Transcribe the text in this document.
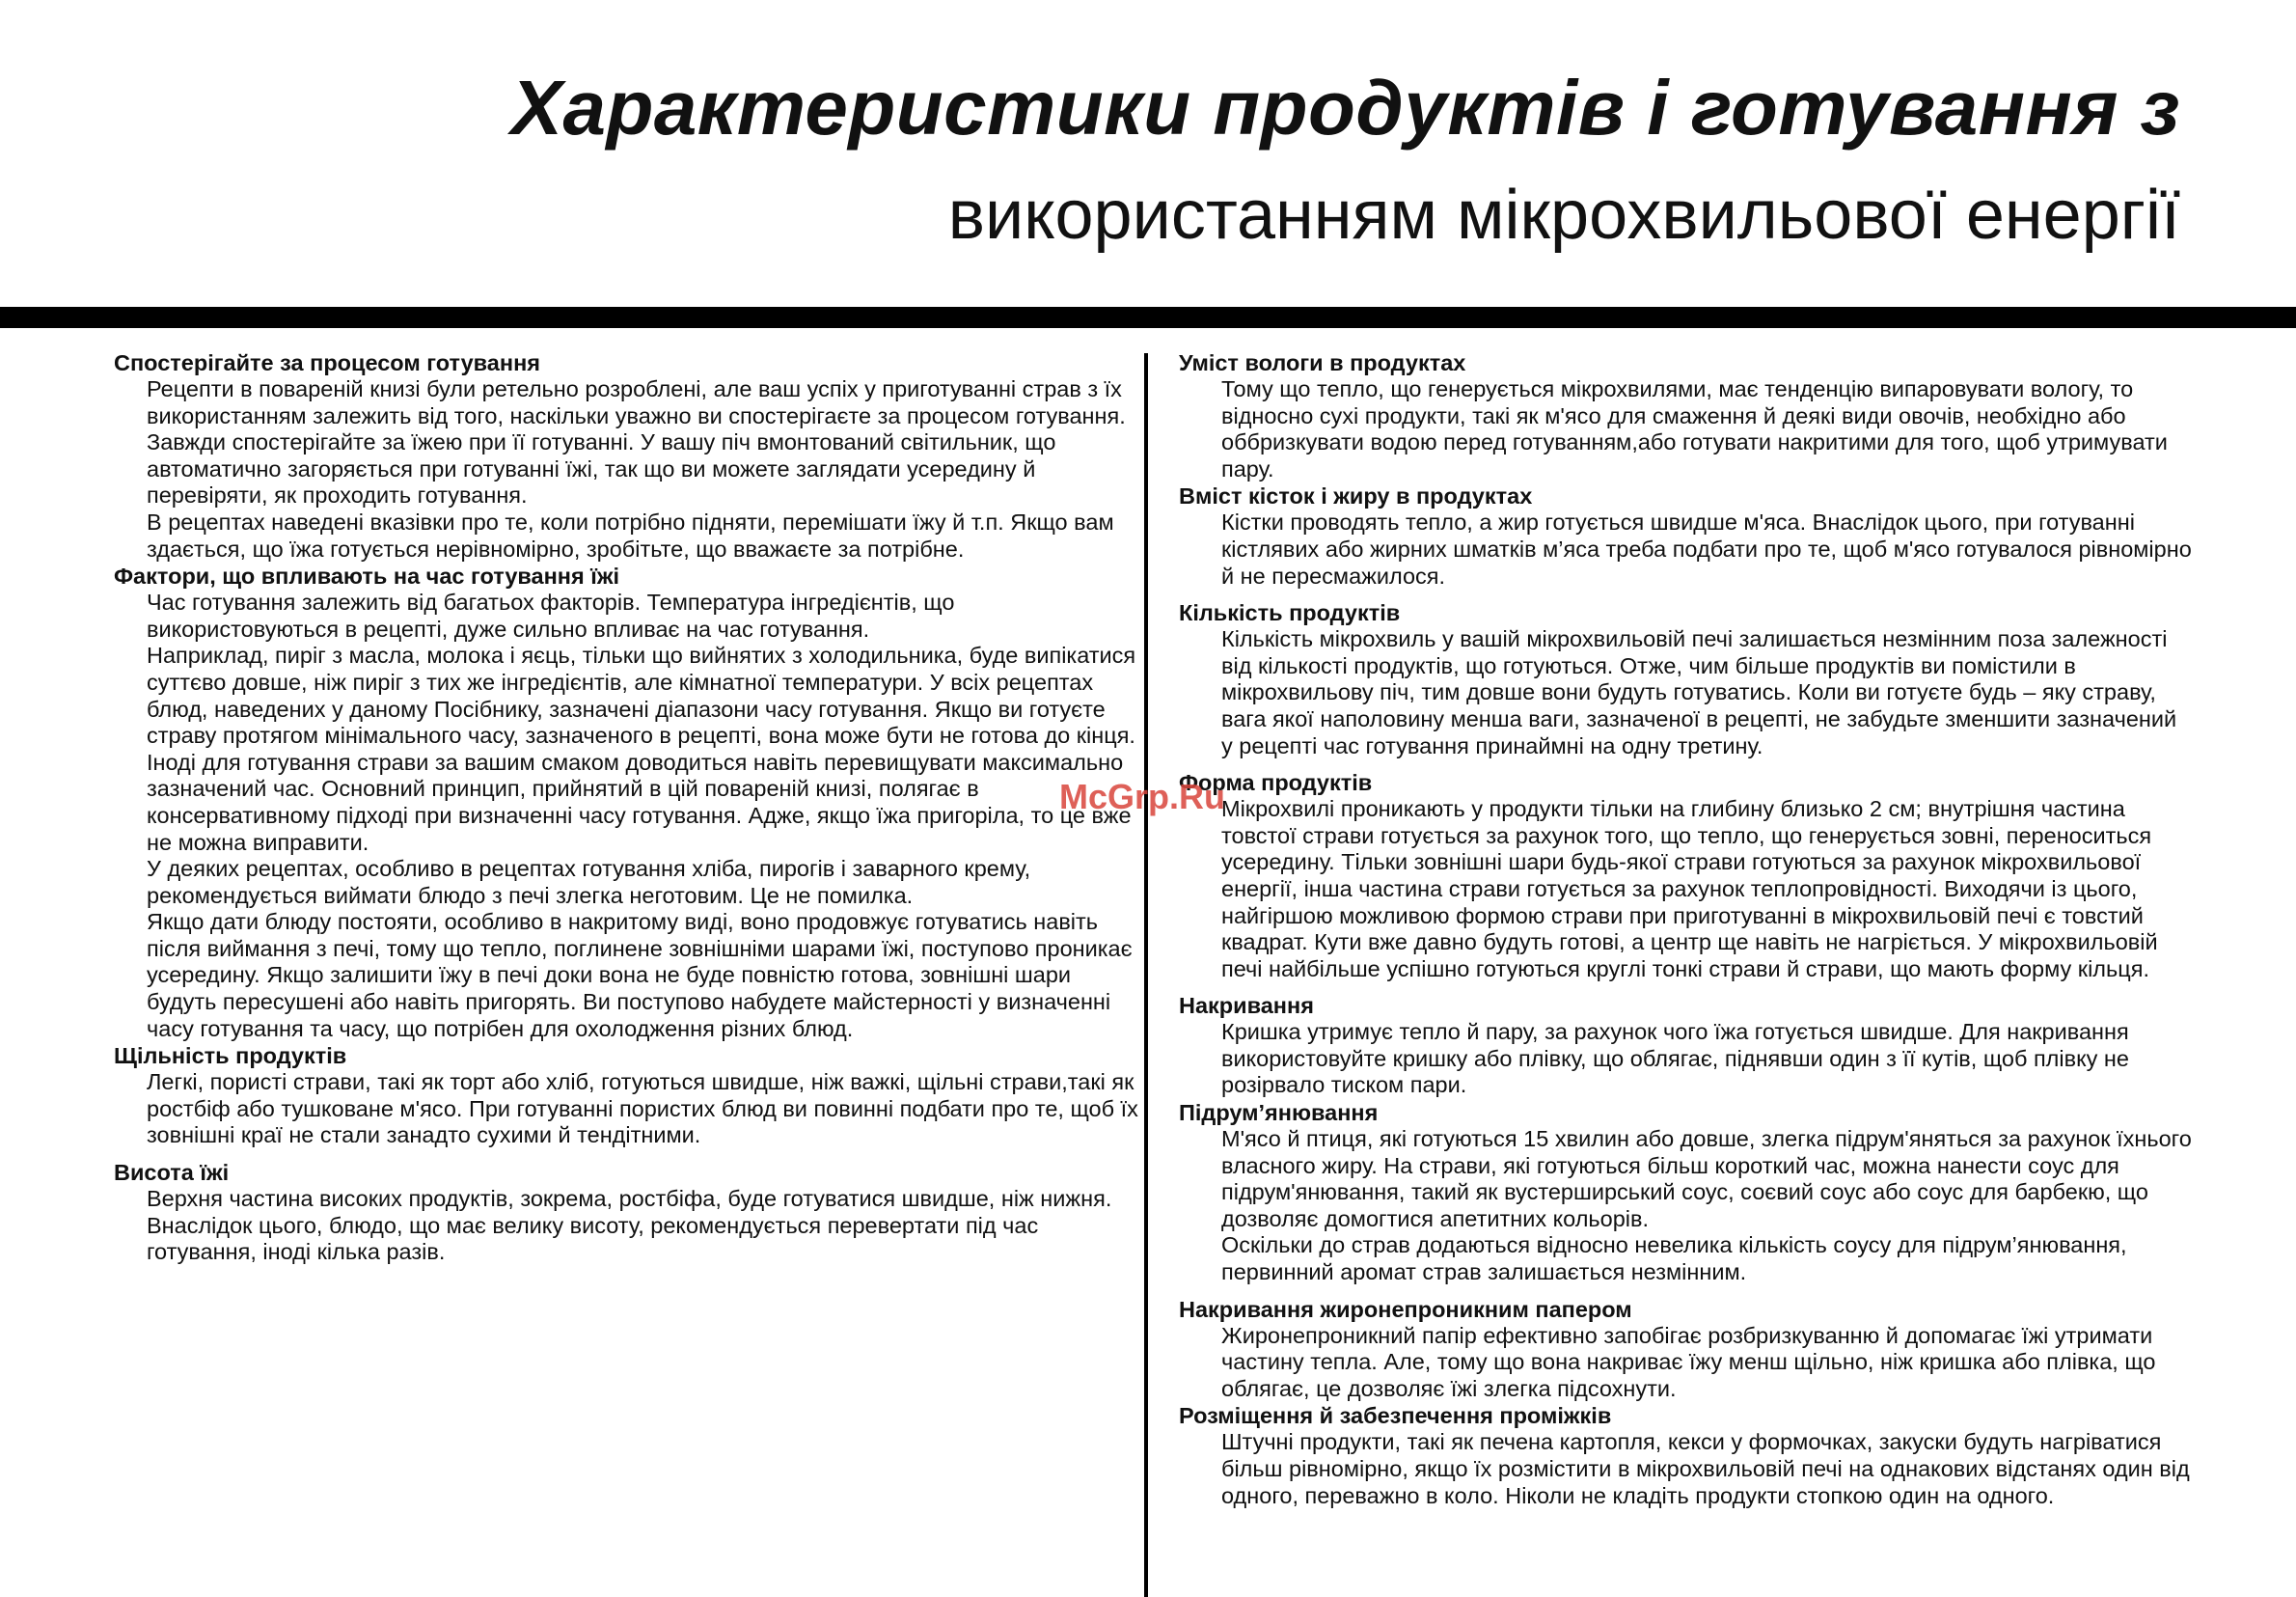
Характеристики продуктів і готування з
використанням мікрохвильової енергії

Спостерігайте за процесом готування

Рецепти в повареній книзі були ретельно розроблені, але ваш успіх у приготуванні страв з їх використанням залежить від того, наскільки уважно ви спостерігаєте за процесом готування. Завжди спостерігайте за їжею при її готуванні. У вашу піч вмонтований світильник, що автоматично загоряється при готуванні їжі, так що ви можете заглядати усередину й перевіряти, як проходить готування.

В рецептах наведені вказівки про те, коли потрібно підняти, перемішати їжу й т.п. Якщо вам здається, що їжа готується нерівномірно, зробітьте, що вважаєте за потрібне.

Фактори, що впливають на час готування їжі

Час готування залежить від багатьох факторів. Температура інгредієнтів, що використовуються в рецепті, дуже сильно впливає на час готування.

Наприклад, пиріг з масла, молока і яєць, тільки що вийнятих з холодильника, буде випікатися суттєво довше, ніж пиріг з тих же інгредієнтів, але кімнатної температури. У всіх рецептах блюд, наведених у даному Посібнику, зазначені діапазони часу готування. Якщо ви готуєте страву протягом мінімального часу, зазначеного в рецепті, вона може бути не готова до кінця. Іноді для готування страви за вашим смаком доводиться навіть перевищувати максимально зазначений час. Основний принцип, прийнятий в цій повареній книзі, полягає в консервативному підході при визначенні часу готування. Адже, якщо їжа пригоріла, то це вже не можна виправити.

У деяких рецептах, особливо в рецептах готування хліба, пирогів і заварного крему, рекомендується виймати блюдо з печі злегка неготовим. Це не помилка.

Якщо дати блюду постояти, особливо в накритому виді, воно продовжує готуватись навіть після виймання з печі, тому що тепло, поглинене зовнішніми шарами їжі, поступово проникає усередину. Якщо залишити їжу в печі доки вона не буде повністю готова, зовнішні шари будуть пересушені або навіть пригорять. Ви поступово набудете майстерності у визначенні часу готування та часу, що потрібен для охолодження різних блюд.

Щільність продуктів

Легкі, пористі страви, такі як торт або хліб, готуються швидше, ніж важкі, щільні страви,такі як ростбіф або тушковане м'ясо. При готуванні пористих блюд ви повинні подбати про те, щоб їх зовнішні краї не стали занадто сухими й тендітними.

Висота їжі

Верхня частина високих продуктів, зокрема, ростбіфа, буде готуватися швидше, ніж нижня. Внаслідок цього, блюдо, що має велику висоту, рекомендується перевертати під час готування, іноді кілька разів.

Уміст вологи в продуктах

Тому що тепло, що генерується мікрохвилями, має тенденцію випаровувати вологу, то відносно сухі продукти, такі як м'ясо для смаження й деякі види овочів, необхідно або оббризкувати водою перед готуванням,або готувати накритими для того, щоб утримувати пару.

Вміст кісток і жиру в продуктах

Кістки проводять тепло, а жир готується швидше м'яса. Внаслідок цього, при готуванні кістлявих або жирних шматків м’яса треба подбати про те, щоб м'ясо готувалося рівномірно й не пересмажилося.

Кількість продуктів

Кількість мікрохвиль у вашій мікрохвильовій печі залишається незмінним поза залежності від кількості продуктів, що готуються. Отже, чим більше продуктів ви помістили в мікрохвильову піч, тим довше вони будуть готуватись. Коли ви готуєте будь – яку страву, вага якої наполовину менша ваги, зазначеної в рецепті, не забудьте зменшити зазначений у рецепті час готування принаймні на одну третину.

Форма продуктів

Мікрохвилі проникають у продукти тільки на глибину близько 2 см; внутрішня частина товстої страви готується за рахунок того, що тепло, що генерується зовні, переноситься усередину. Тільки зовнішні шари будь-якої страви готуються за рахунок мікрохвильової енергії, інша частина страви готується за рахунок теплопровідності. Виходячи із цього, найгіршою можливою формою страви при приготуванні в мікрохвильовій печі є товстий квадрат. Кути вже давно будуть готові, а центр ще навіть не нагріється. У мікрохвильовій печі найбільше успішно готуються круглі тонкі страви й страви, що мають форму кільця.

Накривання

Кришка утримує тепло й пару, за рахунок чого їжа готується швидше. Для накривання використовуйте кришку або плівку, що облягає, піднявши один з її кутів, щоб плівку не розірвало тиском пари.

Підрум’янювання

М'ясо й птиця, які готуються 15 хвилин або довше, злегка підрум'яняться за рахунок їхнього власного жиру. На страви, які готуються більш короткий час, можна нанести соус для підрум'янювання, такий як вустерширський соус, соєвий соус або соус для барбекю, що дозволяє домогтися апетитних кольорів.

Оскільки до страв додаються відносно невелика кількість соусу для підрум’янювання, первинний аромат страв залишається незмінним.

Накривання жиронепроникним папером

Жиронепроникний папір ефективно запобігає розбризкуванню й допомагає їжі утримати частину тепла. Але, тому що вона накриває їжу менш щільно, ніж кришка або плівка, що облягає, це дозволяє їжі злегка підсохнути.

Розміщення й забезпечення проміжків

Штучні продукти, такі як печена картопля, кекси у формочках, закуски будуть нагріватися більш рівномірно, якщо їх розмістити в мікрохвильовій печі на однакових відстанях один від одного, переважно в коло. Ніколи не кладіть продукти стопкою один на одного.

McGrp.Ru
